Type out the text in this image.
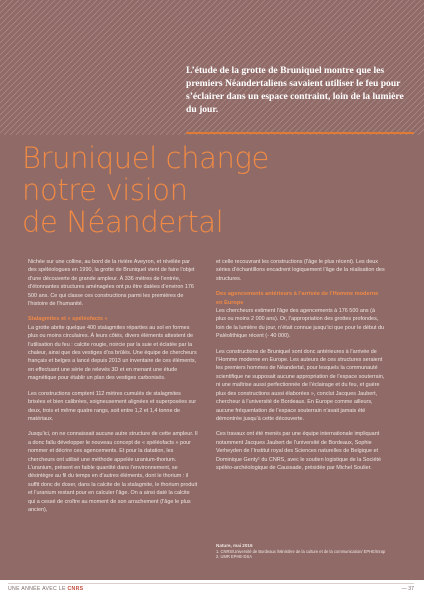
L’étude de la grotte de Bruniquel montre que les premiers Néandertaliens savaient utiliser le feu pour s’éclairer dans un espace contraint, loin de la lumière du jour.
Bruniquel change
notre vision
de Néandertal

Nichée sur une colline, au bord de la rivière Aveyron, et révélée par des spéléologues en 1990, la grotte de Bruniquel vient de faire l’objet d’une découverte de grande ampleur. À 336 mètres de l’entrée, d’étonnantes structures aménagées ont pu être datées d’environ 176 500 ans. Ce qui classe ces constructions parmi les premières de l’histoire de l’humanité.

Stalagmites et « spéléofacts »

La grotte abrite quelque 400 stalagmites réparties au sol en formes plus ou moins circulaires. À leurs côtés, divers éléments attestent de l’utilisation du feu : calcite rougie, noircie par la suie et éclatée par la chaleur, ainsi que des vestiges d’os brûlés. Une équipe de chercheurs français et belges a lancé depuis 2013 un inventaire de ces éléments, en effectuant une série de relevés 3D et en menant une étude magnétique pour établir un plan des vestiges carbonisés.

Les constructions comptent 112 mètres cumulés de stalagmites brisées et bien calibrées, soigneusement alignées et superposées sur deux, trois et même quatre rangs, soit entre 1,2 et 1,4 tonne de matériaux.

Jusqu’ici, on ne connaissait aucune autre structure de cette ampleur. Il a donc fallu développer le nouveau concept de « spéléofacts » pour nommer et décrire ces agencements. Et pour la datation, les chercheurs ont utilisé une méthode appelée uranium-thorium. L’uranium, présent en faible quantité dans l’environnement, se désintègre au fil du temps en d’autres éléments, dont le thorium : il suffit donc de doser, dans la calcite de la stalagmite, le thorium produit et l’uranium restant pour en calculer l’âge. On a ainsi daté la calcite qui a cessé de croître au moment de son arrachement (l’âge le plus ancien),

et celle recouvrant les constructions (l’âge le plus récent). Les deux séries d’échantillons encadrent logiquement l’âge de la réalisation des structures.

Des agencements antérieurs à l’arrivée de l’Homme moderne en Europe

Les chercheurs estiment l’âge des agencements à 176 500 ans (à plus ou moins 2 000 ans). Or, l’appropriation des grottes profondes, loin de la lumière du jour, n’était connue jusqu’ici que pour le début du Paléolithique récent (- 40 000).

Les constructions de Bruniquel sont donc antérieures à l’arrivée de l’Homme moderne en Europe. Les auteurs de ces structures seraient les premiers hommes de Néandertal, pour lesquels la communauté scientifique ne supposait aucune appropriation de l’espace souterrain, ni une maîtrise aussi perfectionnée de l’éclairage et du feu, et guère plus des constructions aussi élaborées », conclut Jacques Jaubert, chercheur à l’université de Bordeaux. En Europe comme ailleurs, aucune fréquentation de l’espace souterrain n’avait jamais été démontrée jusqu’à cette découverte.

Ces travaux ont été menés par une équipe internationale impliquant notamment Jacques Jaubert de l’université de Bordeaux, Sophie Verheyden de l’Institut royal des Sciences naturelles de Belgique et Dominique Genty¹ du CNRS, avec le soutien logistique de la Société spéléo-archéologique de Caussade, présidée par Michel Soulier.

Nature, mai 2016
1. CNRS/Université de Bordeaux /Ministère de la culture et de la communication/ EPHE/Inrap
2. UMR EPHE-DSA
UNE ANNÉE AVEC LE CNRS	— 37
